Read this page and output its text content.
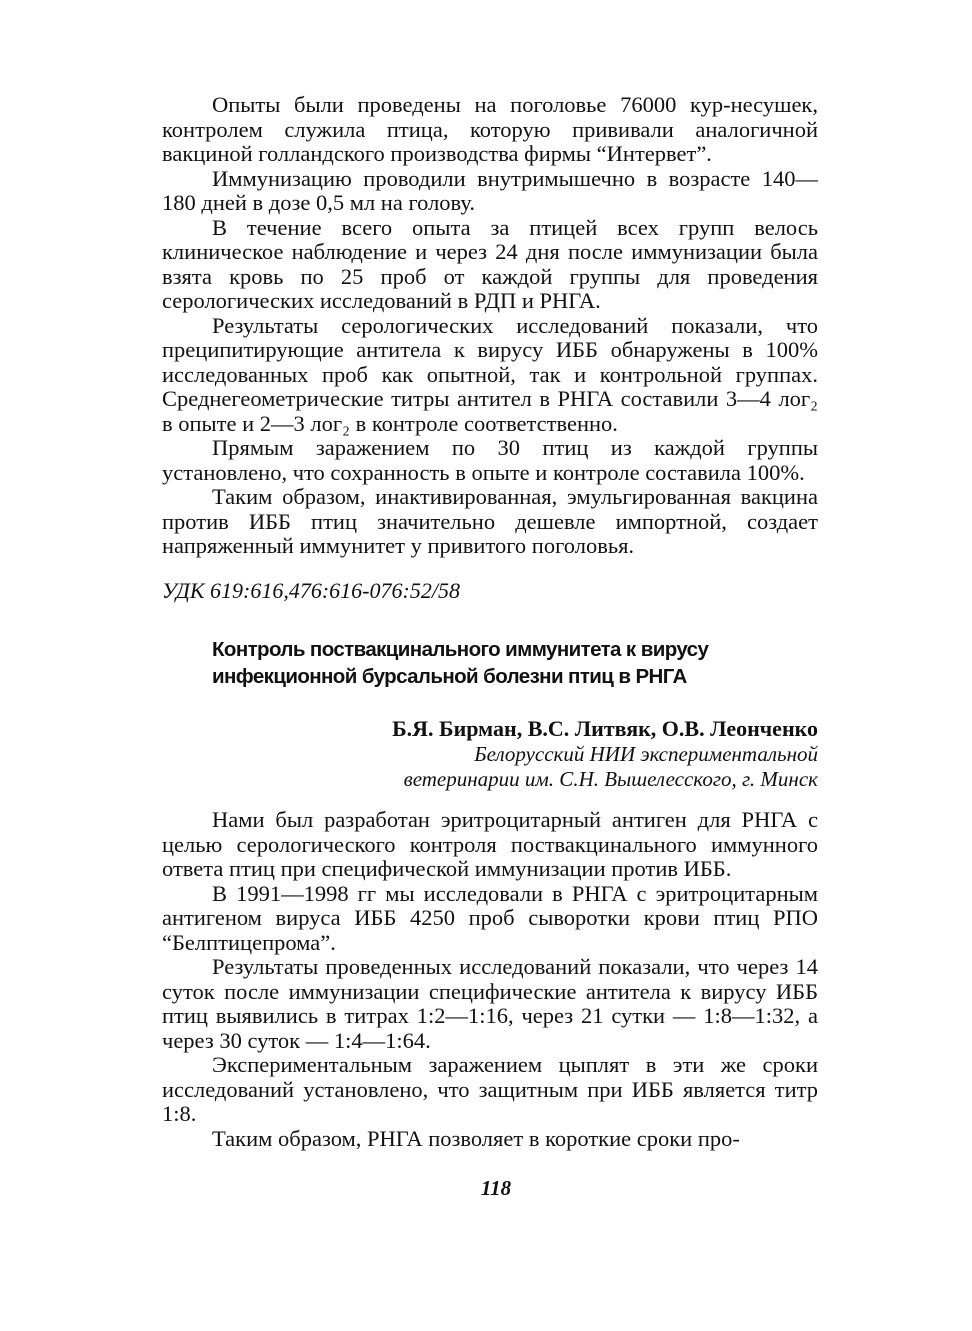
Опыты были проведены на поголовье 76000 кур-несушек, контролем служила птица, которую прививали аналогичной вакциной голландского производства фирмы “Интервет”.

Иммунизацию проводили внутримышечно в возрасте 140—180 дней в дозе 0,5 мл на голову.

В течение всего опыта за птицей всех групп велось клиническое наблюдение и через 24 дня после иммунизации была взята кровь по 25 проб от каждой группы для проведения серологических исследований в РДП и РНГА.

Результаты серологических исследований показали, что преципитирующие антитела к вирусу ИББ обнаружены в 100% исследованных проб как опытной, так и контрольной группах. Среднегеометрические титры антител в РНГА составили 3—4 лог₂ в опыте и 2—3 лог₂ в контроле соответственно.

Прямым заражением по 30 птиц из каждой группы установлено, что сохранность в опыте и контроле составила 100%.

Таким образом, инактивированная, эмульгированная вакцина против ИББ птиц значительно дешевле импортной, создает напряженный иммунитет у привитого поголовья.

УДК 619:616,476:616-076:52/58

Контроль поствакцинального иммунитета к вирусу инфекционной бурсальной болезни птиц в РНГА

Б.Я. Бирман, В.С. Литвяк, О.В. Леонченко

Белорусский НИИ экспериментальной

ветеринарии им. С.Н. Вышелесского, г. Минск

Нами был разработан эритроцитарный антиген для РНГА с целью серологического контроля поствакцинального иммунного ответа птиц при специфической иммунизации против ИББ.

В 1991—1998 гг мы исследовали в РНГА с эритроцитарным антигеном вируса ИББ 4250 проб сыворотки крови птиц РПО “Белптицепрома”.

Результаты проведенных исследований показали, что через 14 суток после иммунизации специфические антитела к вирусу ИББ птиц выявились в титрах 1:2—1:16, через 21 сутки — 1:8—1:32, а через 30 суток — 1:4—1:64.

Экспериментальным заражением цыплят в эти же сроки исследований установлено, что защитным при ИББ является титр 1:8.

Таким образом, РНГА позволяет в короткие сроки про-

118
